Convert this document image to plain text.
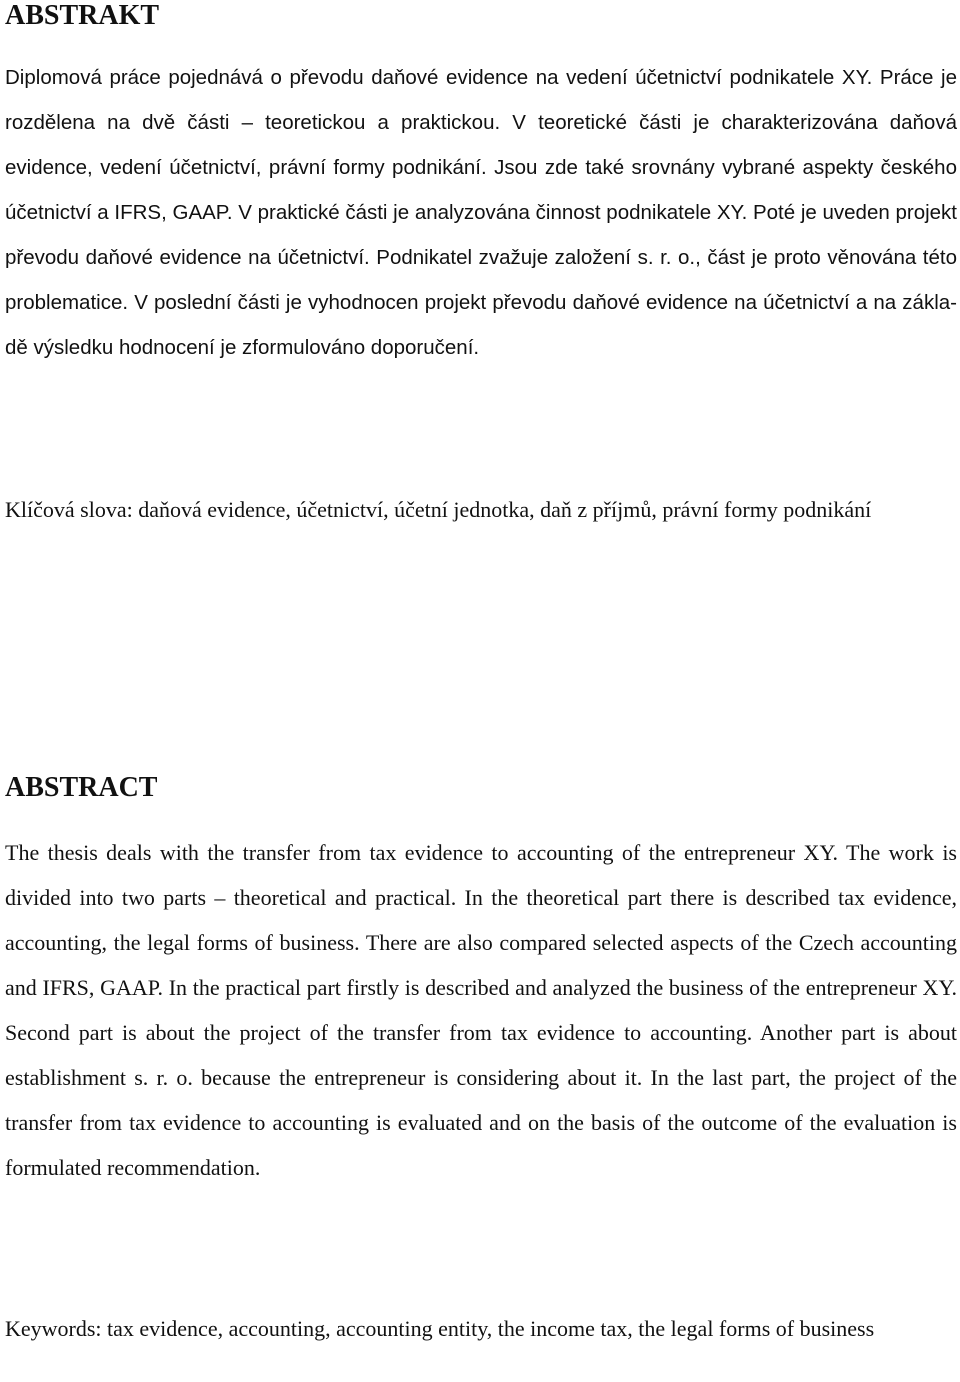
ABSTRAKT

Diplomová práce pojednává o převodu daňové evidence na vedení účetnictví podnikatele XY. Práce je rozdělena na dvě části – teoretickou a praktickou. V teoretické části je charakterizována daňová evidence, vedení účetnictví, právní formy podnikání. Jsou zde také srovnány vybrané aspekty českého účetnictví a IFRS, GAAP. V praktické části je analyzována činnost podnikatele XY. Poté je uveden projekt převodu daňové evidence na účetnictví. Podnikatel zvažuje založení s. r. o., část je proto věnována této problematice. V poslední části je vyhodnocen projekt převodu daňové evidence na účetnictví a na základě výsledku hodnocení je zformulováno doporučení.

Klíčová slova: daňová evidence, účetnictví, účetní jednotka, daň z příjmů, právní formy podnikání

ABSTRACT

The thesis deals with the transfer from tax evidence to accounting of the entrepreneur XY. The work is divided into two parts – theoretical and practical. In the theoretical part there is described tax evidence, accounting, the legal forms of business. There are also compared selected aspects of the Czech accounting and IFRS, GAAP. In the practical part firstly is described and analyzed the business of the entrepreneur XY. Second part is about the project of the transfer from tax evidence to accounting. Another part is about establishment s. r. o. because the entrepreneur is considering about it. In the last part, the project of the transfer from tax evidence to accounting is evaluated and on the basis of the outcome of the evaluation is formulated recommendation.

Keywords: tax evidence, accounting, accounting entity, the income tax, the legal forms of business
